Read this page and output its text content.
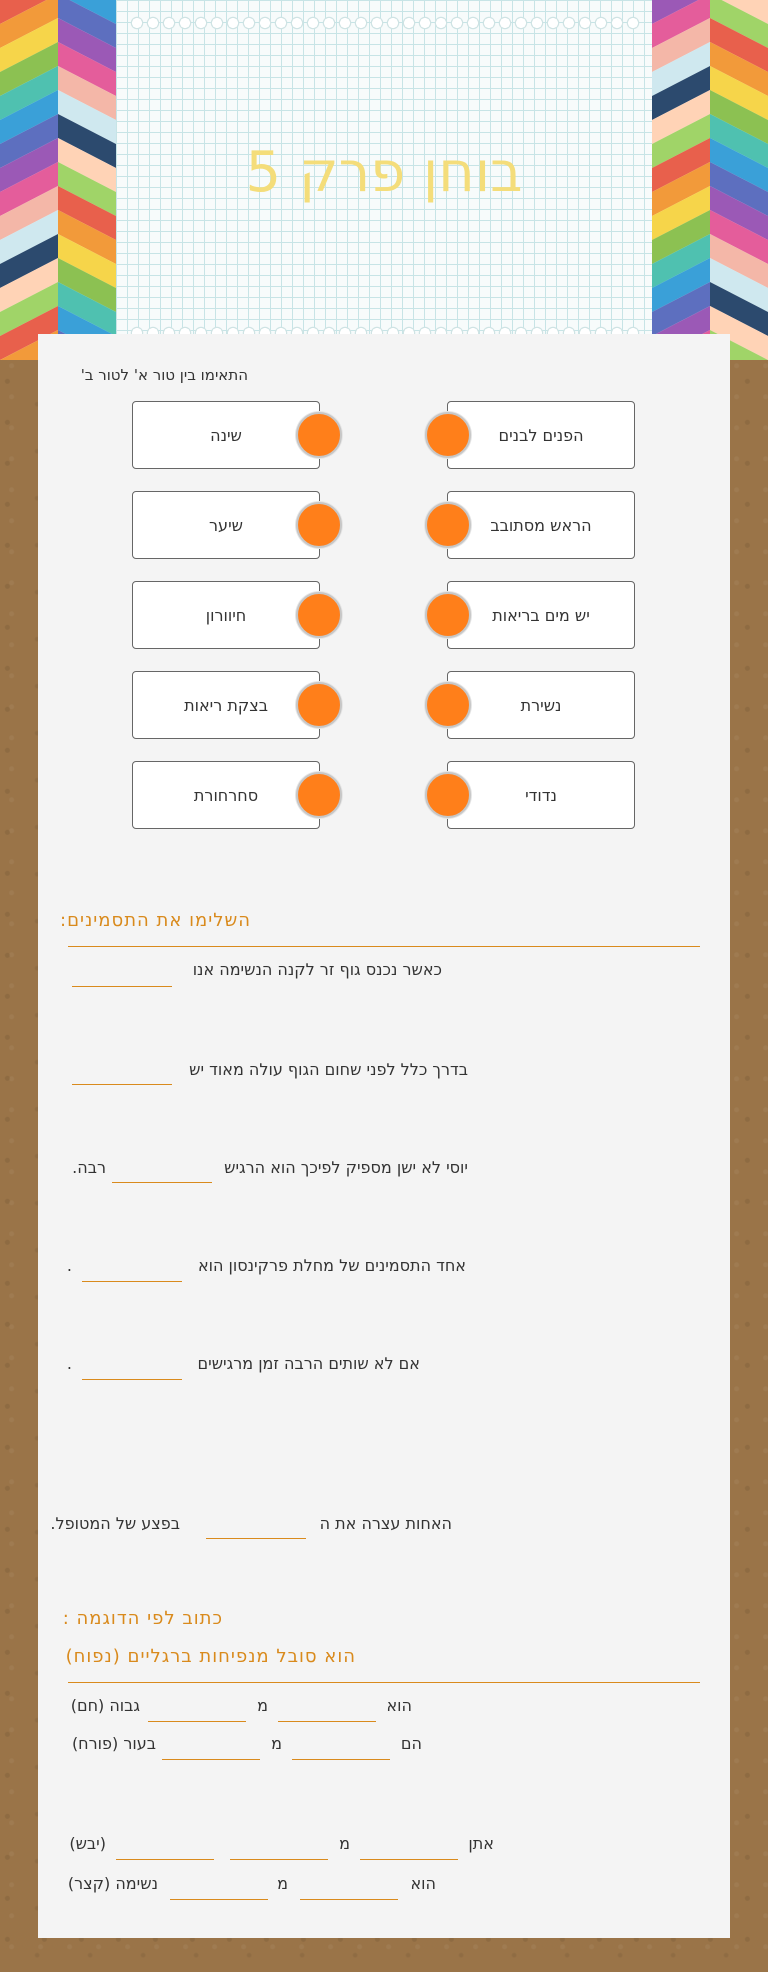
בוחן פרק 5
התאימו בין טור א' לטור ב'
הפנים לבנים
הראש מסתובב
יש מים בריאות
נשירת
נדודי
שינה
שיער
חיוורון
בצקת ריאות
סחרחורת
השלימו את התסמינים:
כאשר נכנס גוף זר לקנה הנשימה אנו
בדרך כלל לפני שחום הגוף עולה מאוד יש
יוסי לא ישן מספיק לפיכך הוא הרגיש
רבה.
אחד התסמינים של מחלת פרקינסון הוא
.
אם לא שותים הרבה זמן מרגישים
.
האחות עצרה את ה
בפצע של המטופל.
כתוב לפי הדוגמה :
הוא סובל מנפיחות ברגליים (נפוח)
הוא
מ
גבוה (חם)
הם
מ
בעור (פורח)
אתן
מ
(יבש)
הוא
מ
נשימה (קצר)
